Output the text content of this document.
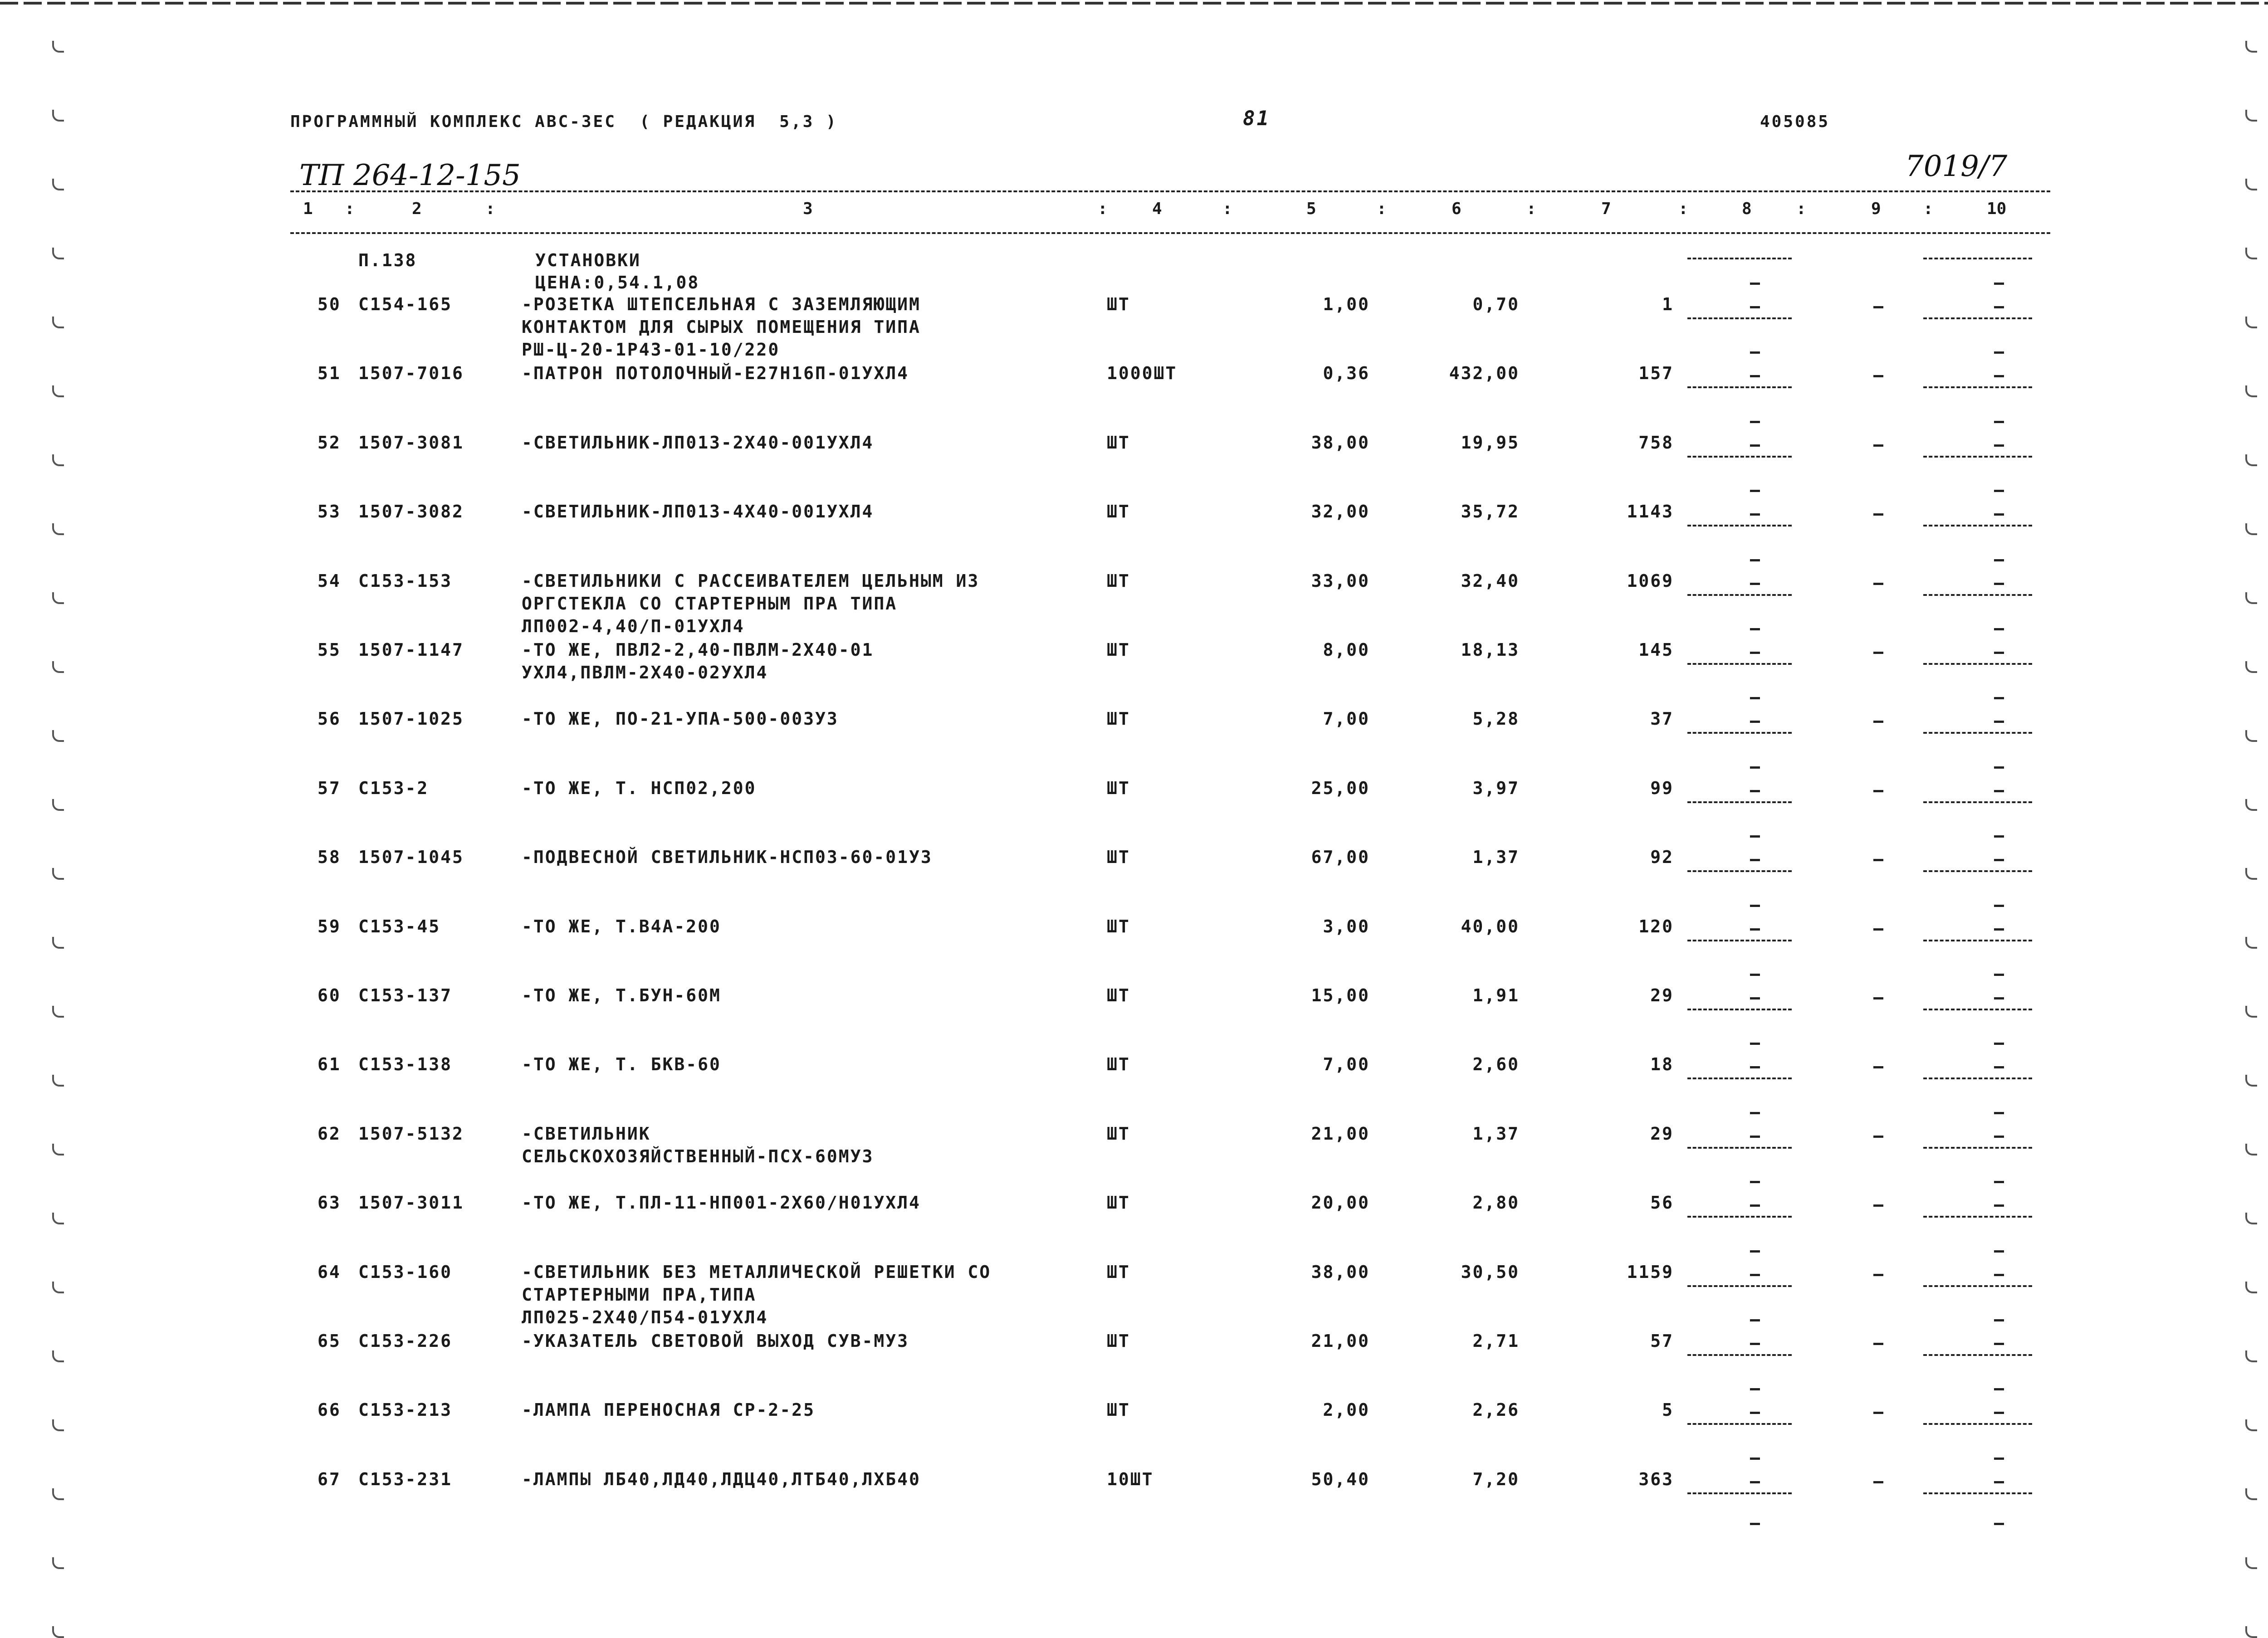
ПРОГРАММНЫЙ КОМПЛЕКС АВС-3ЕС  ( РЕДАКЦИЯ  5,3 )	81	405085
ТП 264-12-155	7019/7
1	2	3	4	5	6	7	8	9	10
:	:	:	:	:	:	:	:	:
П.138	УСТАНОВКИ
ЦЕНА:0,54.1,08
50 С154-165	-РОЗЕТКА ШТЕПСЕЛЬНАЯ С ЗАЗЕМЛЯЮЩИМ
КОНТАКТОМ ДЛЯ СЫРЫХ ПОМЕЩЕНИЯ ТИПА
РШ-Ц-20-1Р43-01-10/220
ШТ	1,00	0,70	1
51 1507-7016	-ПАТРОН ПОТОЛОЧНЫЙ-Е27Н16П-01УХЛ4	1000ШТ	0,36	432,00	157
52 1507-3081	-СВЕТИЛЬНИК-ЛП013-2Х40-001УХЛ4	ШТ	38,00	19,95	758
53 1507-3082	-СВЕТИЛЬНИК-ЛП013-4Х40-001УХЛ4	ШТ	32,00	35,72	1143
54 С153-153	-СВЕТИЛЬНИКИ С РАССЕИВАТЕЛЕМ ЦЕЛЬНЫМ ИЗ
ОРГСТЕКЛА СО СТАРТЕРНЫМ ПРА ТИПА
ЛП002-4,40/П-01УХЛ4
ШТ	33,00	32,40	1069
55 1507-1147	-ТО ЖЕ, ПВЛ2-2,40-ПВЛМ-2Х40-01
УХЛ4,ПВЛМ-2Х40-02УХЛ4
ШТ	8,00	18,13	145
56 1507-1025	-ТО ЖЕ, ПО-21-УПА-500-003У3	ШТ	7,00	5,28	37
57 С153-2	-ТО ЖЕ, Т. НСП02,200	ШТ	25,00	3,97	99
58 1507-1045	-ПОДВЕСНОЙ СВЕТИЛЬНИК-НСП03-60-01У3	ШТ	67,00	1,37	92
59 С153-45	-ТО ЖЕ, Т.В4А-200	ШТ	3,00	40,00	120
60 С153-137	-ТО ЖЕ, Т.БУН-60М	ШТ	15,00	1,91	29
61 С153-138	-ТО ЖЕ, Т. БКВ-60	ШТ	7,00	2,60	18
62 1507-5132	-СВЕТИЛЬНИК
СЕЛЬСКОХОЗЯЙСТВЕННЫЙ-ПСХ-60МУ3
ШТ	21,00	1,37	29
63 1507-3011	-ТО ЖЕ, Т.ПЛ-11-НП001-2Х60/Н01УХЛ4	ШТ	20,00	2,80	56
64 С153-160	-СВЕТИЛЬНИК БЕЗ МЕТАЛЛИЧЕСКОЙ РЕШЕТКИ СО
СТАРТЕРНЫМИ ПРА,ТИПА
ЛП025-2Х40/П54-01УХЛ4
ШТ	38,00	30,50	1159
65 С153-226	-УКАЗАТЕЛЬ СВЕТОВОЙ ВЫХОД СУВ-МУ3	ШТ	21,00	2,71	57
66 С153-213	-ЛАМПА ПЕРЕНОСНАЯ СР-2-25	ШТ	2,00	2,26	5
67 С153-231	-ЛАМПЫ ЛБ40,ЛД40,ЛДЦ40,ЛТБ40,ЛХБ40	10ШТ	50,40	7,20	363
